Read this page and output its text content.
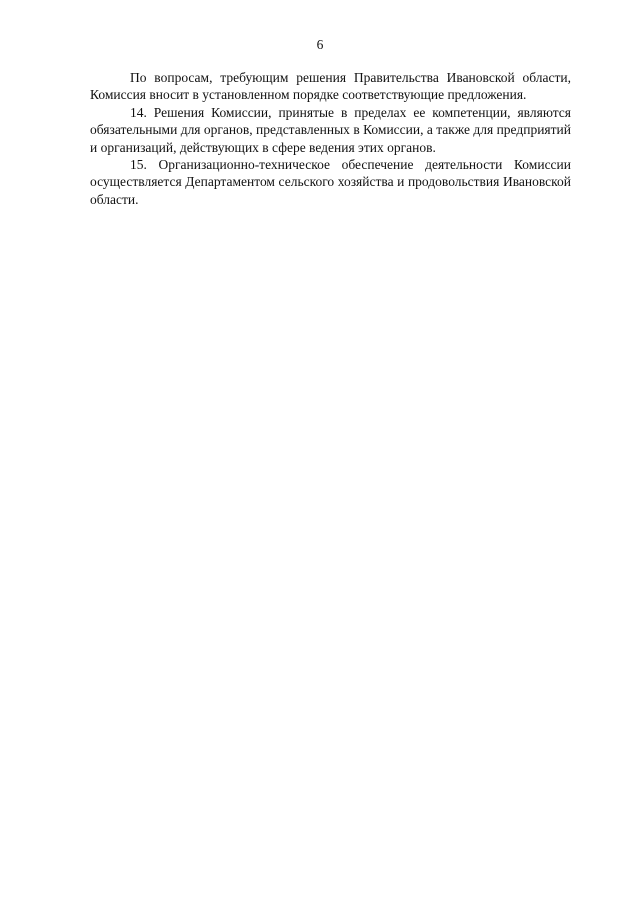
6

По вопросам, требующим решения Правительства Ивановской области, Комиссия вносит в установленном порядке соответствующие предложения.

14. Решения Комиссии, принятые в пределах ее компетенции, являются обязательными для органов, представленных в Комиссии, а также для предприятий и организаций, действующих в сфере ведения этих органов.

15. Организационно-техническое обеспечение деятельности Комиссии осуществляется Департаментом сельского хозяйства и продовольствия Ивановской области.
